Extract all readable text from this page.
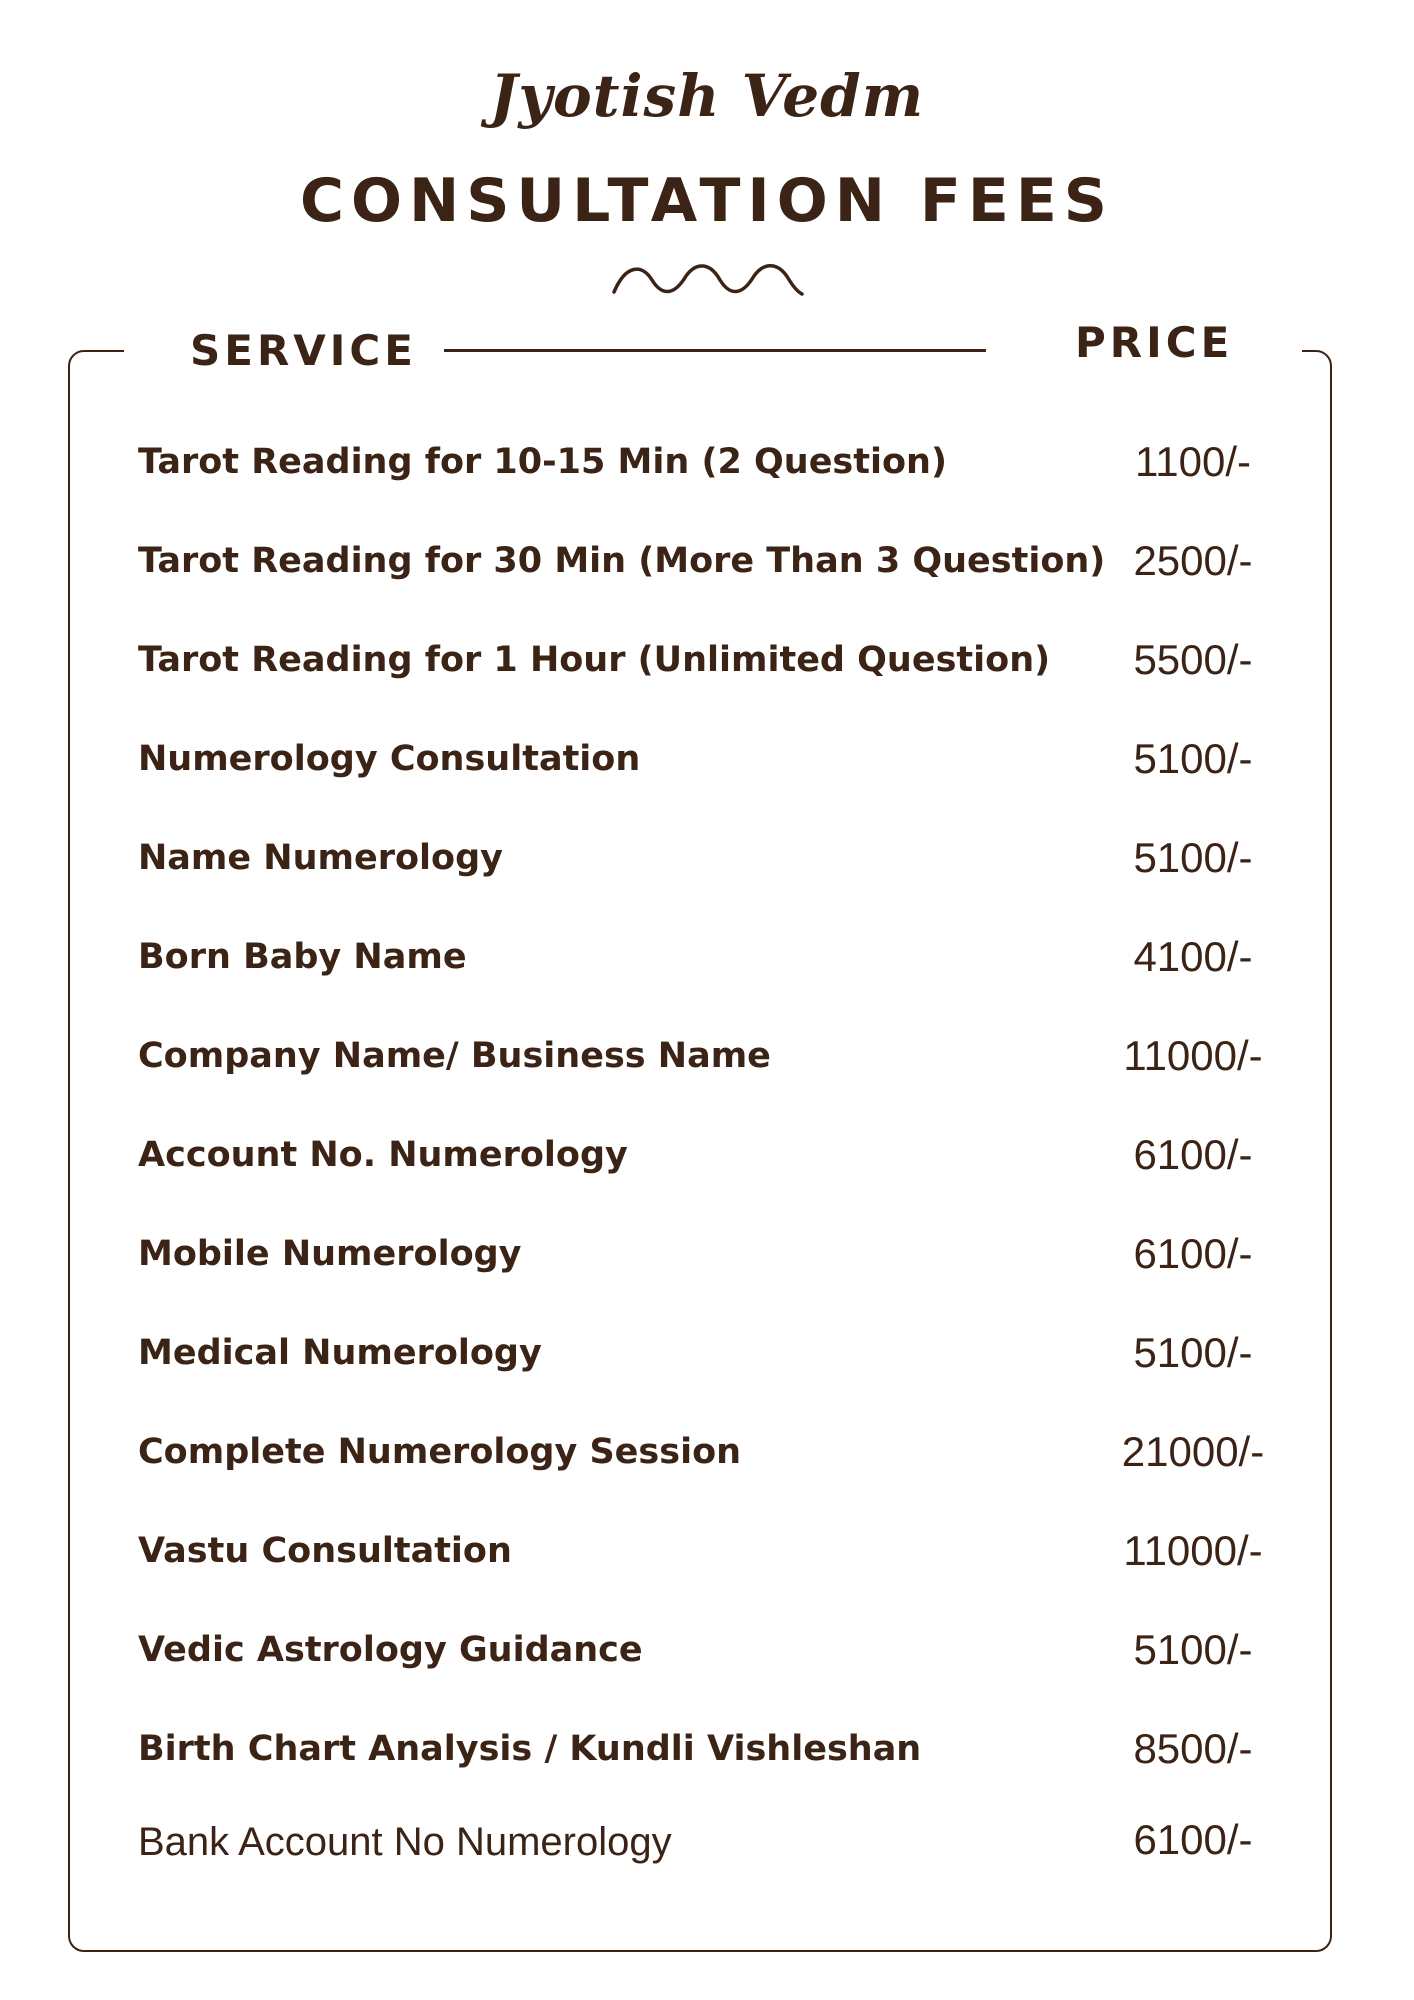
Jyotish Vedm
CONSULTATION FEES
SERVICE	PRICE
Tarot Reading for 10-15 Min (2 Question)	1100/-
Tarot Reading for 30 Min (More Than 3 Question) 2500/-
Tarot Reading for 1 Hour (Unlimited Question)	5500/-
Numerology Consultation	5100/-
Name Numerology	5100/-
Born Baby Name	4100/-
Company Name/ Business Name	11000/-
Account No. Numerology	6100/-
Mobile Numerology	6100/-
Medical Numerology	5100/-
Complete Numerology Session	21000/-
Vastu Consultation	11000/-
Vedic Astrology Guidance	5100/-
Birth Chart Analysis / Kundli Vishleshan	8500/-
Bank Account No Numerology	6100/-
